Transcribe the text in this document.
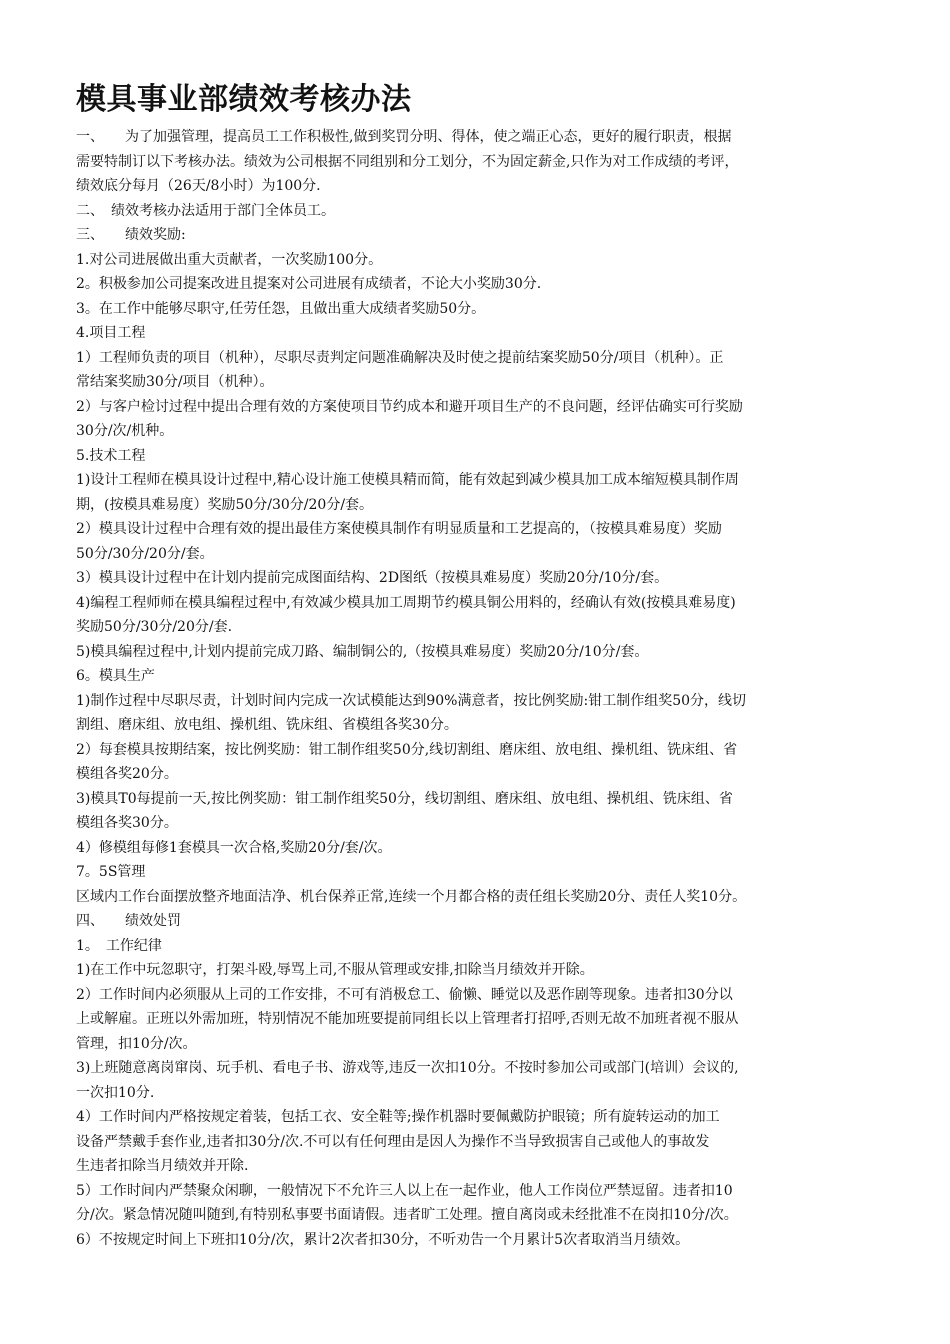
模具事业部绩效考核办法
一、　　为了加强管理，提高员工工作积极性,做到奖罚分明、得体，使之端正心态，更好的履行职责，根据
需要特制订以下考核办法。绩效为公司根据不同组别和分工划分，不为固定薪金,只作为对工作成绩的考评，
绩效底分每月（26天/8小时）为100分.
二、　绩效考核办法适用于部门全体员工。
三、　　绩效奖励:
1.对公司进展做出重大贡献者，一次奖励100分。
2。积极参加公司提案改进且提案对公司进展有成绩者，不论大小奖励30分.
3。在工作中能够尽职守,任劳任怨，且做出重大成绩者奖励50分。
4.项目工程
1）工程师负责的项目（机种），尽职尽责判定问题准确解决及时使之提前结案奖励50分/项目（机种）。正
常结案奖励30分/项目（机种）。
2）与客户检讨过程中提出合理有效的方案使项目节约成本和避开项目生产的不良问题，经评估确实可行奖励
30分/次/机种。
5.技术工程
1)设计工程师在模具设计过程中,精心设计施工使模具精而简，能有效起到减少模具加工成本缩短模具制作周
期，(按模具难易度）奖励50分/30分/20分/套。
2）模具设计过程中合理有效的提出最佳方案使模具制作有明显质量和工艺提高的，（按模具难易度）奖励
50分/30分/20分/套。
3）模具设计过程中在计划内提前完成图面结构、2D图纸（按模具难易度）奖励20分/10分/套。
4)编程工程师师在模具编程过程中,有效减少模具加工周期节约模具铜公用料的，经确认有效(按模具难易度)
奖励50分/30分/20分/套.
5)模具编程过程中,计划内提前完成刀路、编制铜公的,（按模具难易度）奖励20分/10分/套。
6。模具生产
1)制作过程中尽职尽责，计划时间内完成一次试模能达到90%满意者，按比例奖励:钳工制作组奖50分，线切
割组、磨床组、放电组、操机组、铣床组、省模组各奖30分。
2）每套模具按期结案，按比例奖励：钳工制作组奖50分,线切割组、磨床组、放电组、操机组、铣床组、省
模组各奖20分。
3)模具T0每提前一天,按比例奖励：钳工制作组奖50分，线切割组、磨床组、放电组、操机组、铣床组、省
模组各奖30分。
4）修模组每修1套模具一次合格,奖励20分/套/次。
7。5S管理
区域内工作台面摆放整齐地面洁净、机台保养正常,连续一个月都合格的责任组长奖励20分、责任人奖10分。
四、　　绩效处罚
1。　工作纪律
1)在工作中玩忽职守，打架斗殴,辱骂上司,不服从管理或安排,扣除当月绩效并开除。
2）工作时间内必须服从上司的工作安排，不可有消极怠工、偷懒、睡觉以及恶作剧等现象。违者扣30分以
上或解雇。正班以外需加班，特别情况不能加班要提前同组长以上管理者打招呼,否则无故不加班者视不服从
管理，扣10分/次。
3)上班随意离岗窜岗、玩手机、看电子书、游戏等,违反一次扣10分。不按时参加公司或部门(培训）会议的,
一次扣10分.
4）工作时间内严格按规定着装，包括工衣、安全鞋等;操作机器时要佩戴防护眼镜；所有旋转运动的加工
设备严禁戴手套作业,违者扣30分/次.不可以有任何理由是因人为操作不当导致损害自己或他人的事故发
生违者扣除当月绩效并开除.
5）工作时间内严禁聚众闲聊，一般情况下不允许三人以上在一起作业，他人工作岗位严禁逗留。违者扣10
分/次。紧急情况随叫随到,有特别私事要书面请假。违者旷工处理。擅自离岗或未经批准不在岗扣10分/次。
6）不按规定时间上下班扣10分/次，累计2次者扣30分，不听劝告一个月累计5次者取消当月绩效。
